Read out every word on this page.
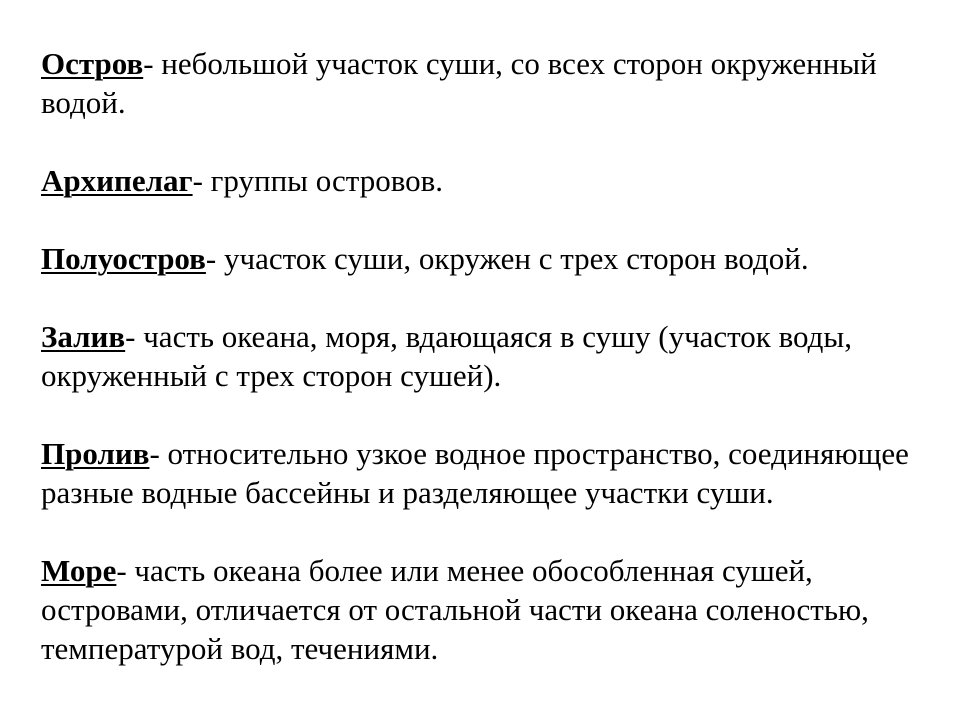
Остров- небольшой участок суши, со всех сторон окруженный водой.

Архипелаг- группы островов.

Полуостров- участок суши, окружен с трех сторон водой.

Залив- часть океана, моря, вдающаяся в сушу (участок воды, окруженный с трех сторон сушей).

Пролив- относительно узкое водное пространство, соединяющее разные водные бассейны и разделяющее участки суши.

Море- часть океана более или менее обособленная сушей, островами, отличается от остальной части океана соленостью, температурой вод, течениями.
